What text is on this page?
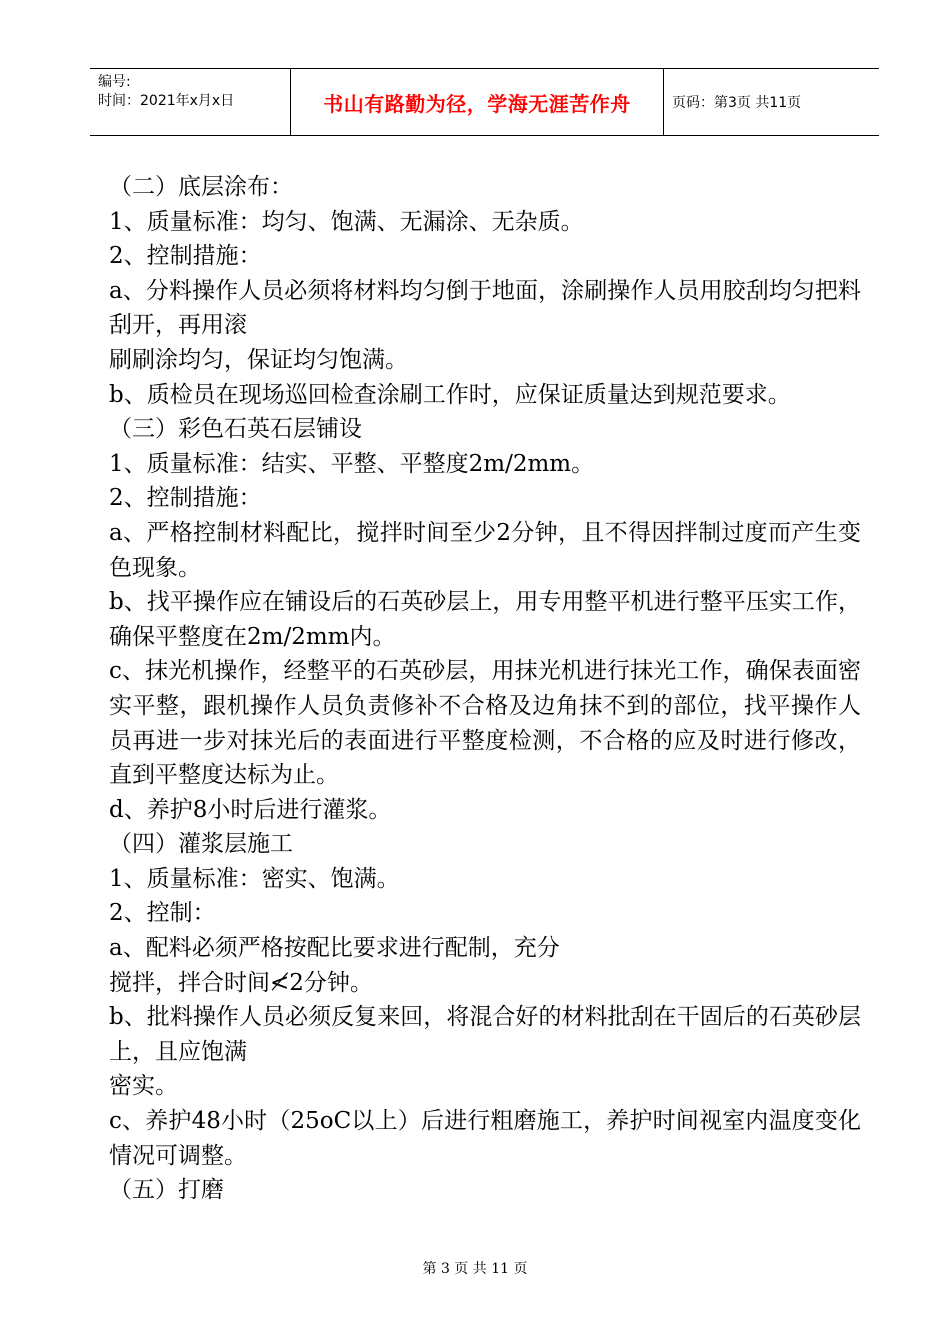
编号:
时间：2021年x月x日	书山有路勤为径，学海无涯苦作舟	页码：第3页 共11页

（二）底层涂布：

1、质量标准：均匀、饱满、无漏涂、无杂质。

2、控制措施：

a、分料操作人员必须将材料均匀倒于地面，涂刷操作人员用胶刮均匀把料刮开，再用滚

刷刷涂均匀，保证均匀饱满。

b、质检员在现场巡回检查涂刷工作时，应保证质量达到规范要求。

（三）彩色石英石层铺设

1、质量标准：结实、平整、平整度2m/2mm。

2、控制措施：

a、严格控制材料配比，搅拌时间至少2分钟，且不得因拌制过度而产生变色现象。

b、找平操作应在铺设后的石英砂层上，用专用整平机进行整平压实工作，确保平整度在2m/2mm内。

c、抹光机操作，经整平的石英砂层，用抹光机进行抹光工作，确保表面密实平整，跟机操作人员负责修补不合格及边角抹不到的部位，找平操作人员再进一步对抹光后的表面进行平整度检测，不合格的应及时进行修改，直到平整度达标为止。

d、养护8小时后进行灌浆。

（四）灌浆层施工

1、质量标准：密实、饱满。

2、控制：

a、配料必须严格按配比要求进行配制，充分

搅拌，拌合时间≮2分钟。

b、批料操作人员必须反复来回，将混合好的材料批刮在干固后的石英砂层上，且应饱满

密实。

c、养护48小时（25oC以上）后进行粗磨施工，养护时间视室内温度变化情况可调整。

（五）打磨

第 3 页 共 11 页
